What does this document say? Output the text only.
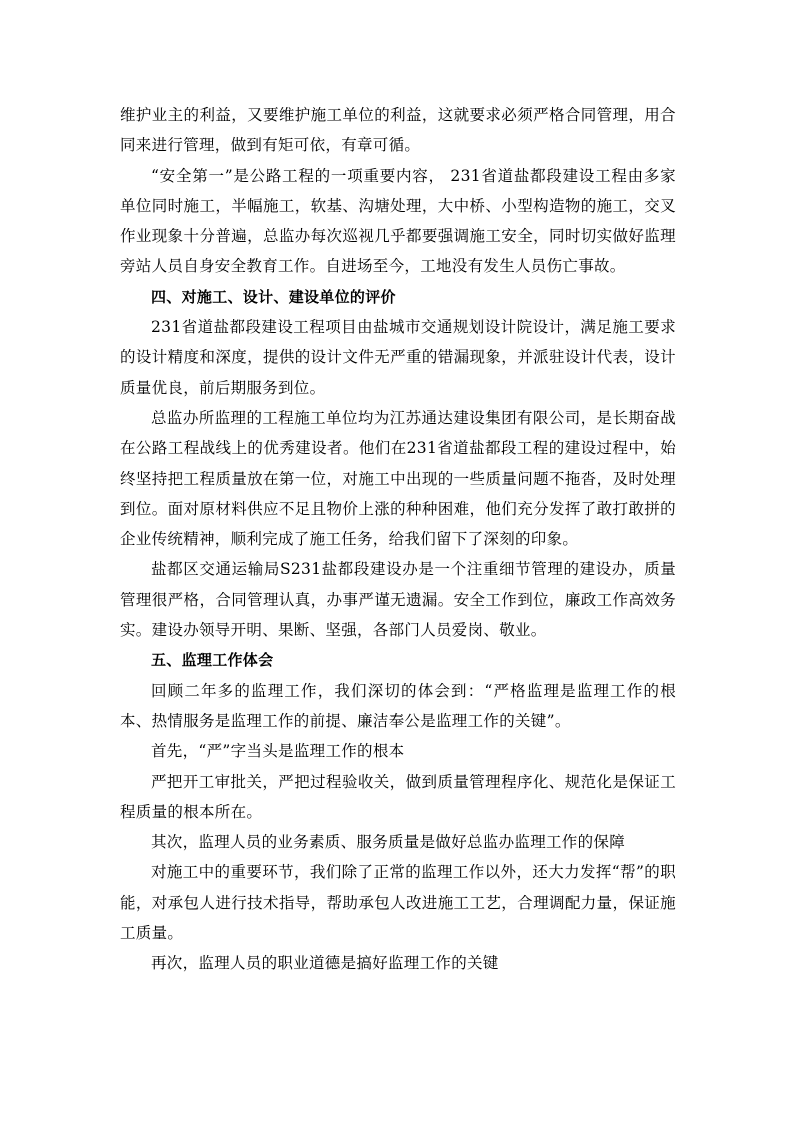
维护业主的利益，又要维护施工单位的利益，这就要求必须严格合同管理，用合同来进行管理，做到有矩可依，有章可循。

“安全第一”是公路工程的一项重要内容， 231省道盐都段建设工程由多家单位同时施工，半幅施工，软基、沟塘处理，大中桥、小型构造物的施工，交叉作业现象十分普遍，总监办每次巡视几乎都要强调施工安全，同时切实做好监理旁站人员自身安全教育工作。自进场至今，工地没有发生人员伤亡事故。

四、对施工、设计、建设单位的评价

231省道盐都段建设工程项目由盐城市交通规划设计院设计，满足施工要求的设计精度和深度，提供的设计文件无严重的错漏现象，并派驻设计代表，设计质量优良，前后期服务到位。

总监办所监理的工程施工单位均为江苏通达建设集团有限公司，是长期奋战在公路工程战线上的优秀建设者。他们在231省道盐都段工程的建设过程中，始终坚持把工程质量放在第一位，对施工中出现的一些质量问题不拖沓，及时处理到位。面对原材料供应不足且物价上涨的种种困难，他们充分发挥了敢打敢拼的企业传统精神，顺利完成了施工任务，给我们留下了深刻的印象。

盐都区交通运输局S231盐都段建设办是一个注重细节管理的建设办，质量管理很严格，合同管理认真，办事严谨无遗漏。安全工作到位，廉政工作高效务实。建设办领导开明、果断、坚强，各部门人员爱岗、敬业。

五、监理工作体会

回顾二年多的监理工作，我们深切的体会到：“严格监理是监理工作的根本、热情服务是监理工作的前提、廉洁奉公是监理工作的关键”。

首先，“严”字当头是监理工作的根本

严把开工审批关，严把过程验收关，做到质量管理程序化、规范化是保证工程质量的根本所在。

其次，监理人员的业务素质、服务质量是做好总监办监理工作的保障

对施工中的重要环节，我们除了正常的监理工作以外，还大力发挥“帮”的职能，对承包人进行技术指导，帮助承包人改进施工工艺，合理调配力量，保证施工质量。

再次，监理人员的职业道德是搞好监理工作的关键
